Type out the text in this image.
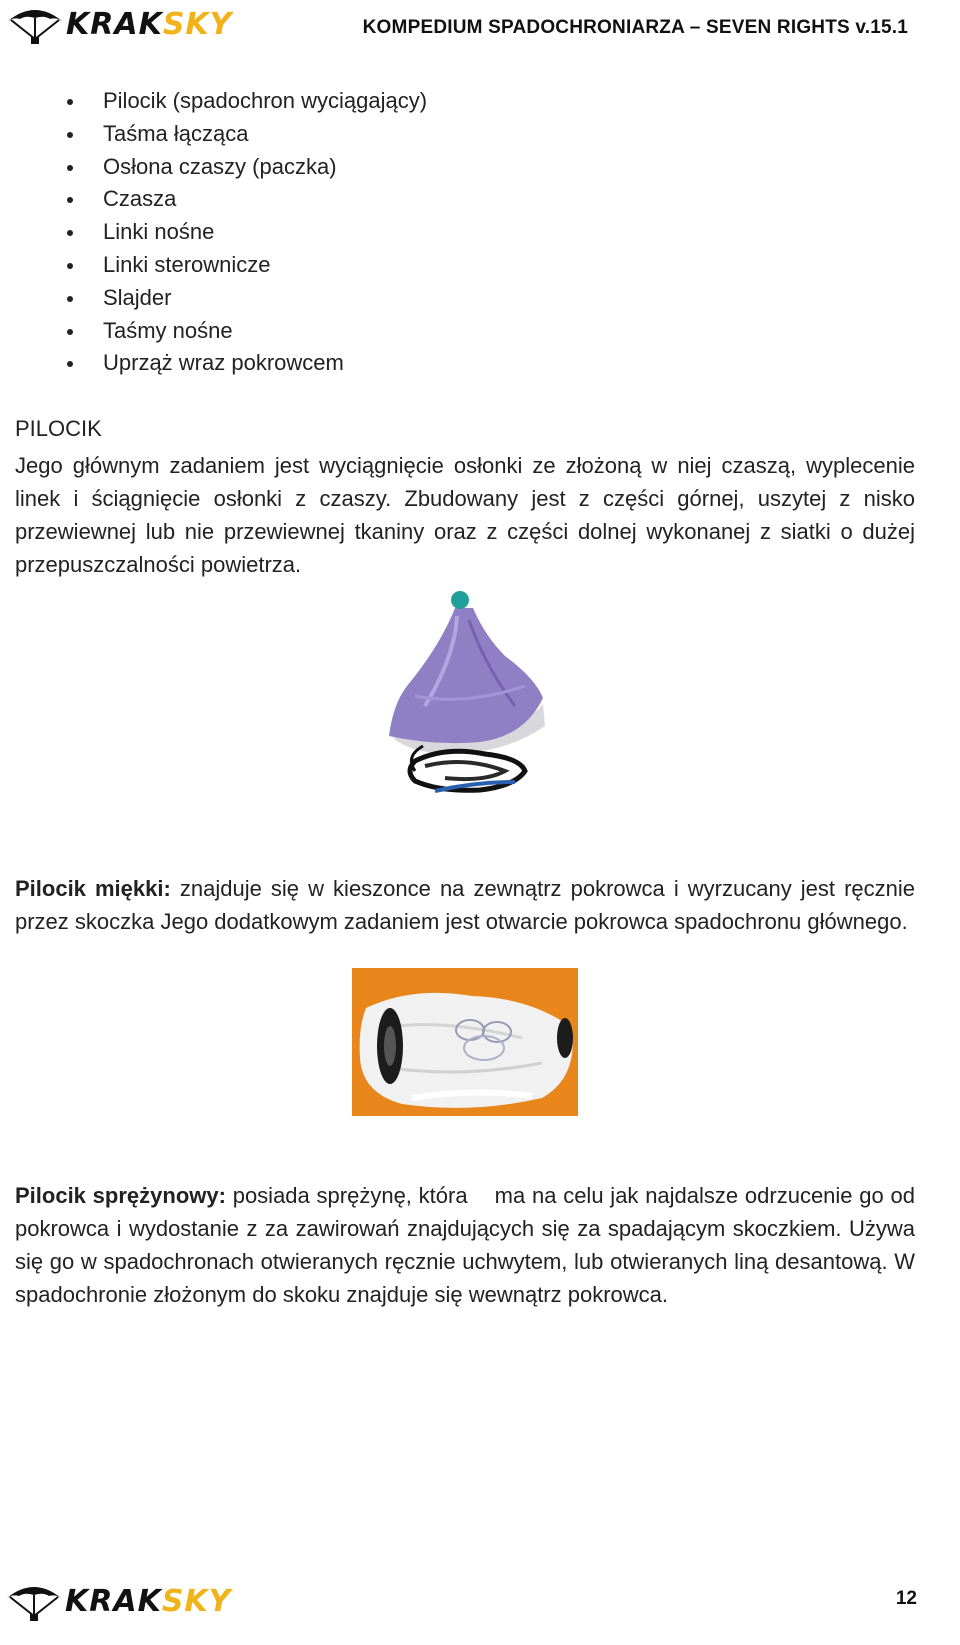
KRAKSKY	KOMPEDIUM SPADOCHRONIARZA – SEVEN RIGHTS v.15.1
Pilocik (spadochron wyciągający)
Taśma łącząca
Osłona czaszy (paczka)
Czasza
Linki nośne
Linki sterownicze
Slajder
Taśmy nośne
Uprząż wraz pokrowcem
PILOCIK
Jego głównym zadaniem jest wyciągnięcie osłonki ze złożoną w niej czaszą, wyplecenie linek i ściągnięcie osłonki z czaszy. Zbudowany jest z części górnej, uszytej z nisko przewiewnej lub nie przewiewnej tkaniny oraz z części dolnej wykonanej z siatki o dużej przepuszczalności powietrza.
Pilocik miękki: znajduje się w kieszonce na zewnątrz pokrowca i wyrzucany jest ręcznie przez skoczka Jego dodatkowym zadaniem jest otwarcie pokrowca spadochronu głównego.
Pilocik sprężynowy: posiada sprężynę, która    ma na celu jak najdalsze odrzucenie go od pokrowca i wydostanie z za zawirowań znajdujących się za spadającym skoczkiem. Używa się go w spadochronach otwieranych ręcznie uchwytem, lub otwieranych liną desantową. W spadochronie złożonym do skoku znajduje się wewnątrz pokrowca.
KRAKSKY	12
